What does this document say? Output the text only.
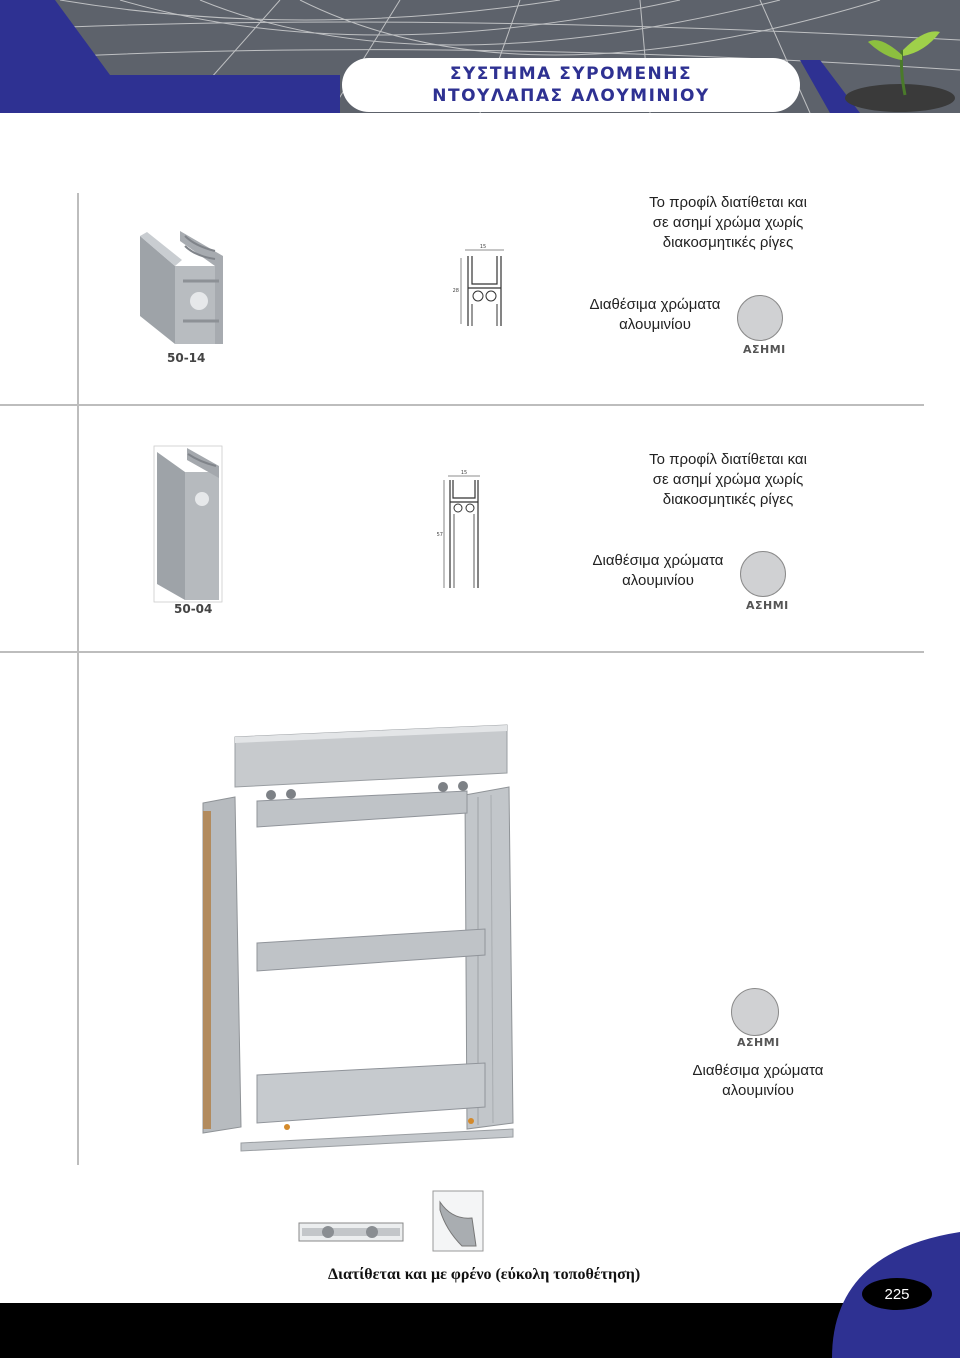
ΣΥΣΤΗΜΑ ΣΥΡΟΜΕΝΗΣ
ΝΤΟΥΛΑΠΑΣ ΑΛΟΥΜΙΝΙΟΥ
50-14
15
28
Το προφίλ διατίθεται και
σε ασημί χρώμα χωρίς
διακοσμητικές ρίγες
Διαθέσιμα χρώματα
αλουμινίου
ΑΣΗΜΙ
50-04
15
57
Το προφίλ διατίθεται και
σε ασημί χρώμα χωρίς
διακοσμητικές ρίγες
Διαθέσιμα χρώματα
αλουμινίου
ΑΣΗΜΙ
ΑΣΗΜΙ
Διαθέσιμα χρώματα
αλουμινίου
Διατίθεται και με φρένο (εύκολη τοποθέτηση)
225
